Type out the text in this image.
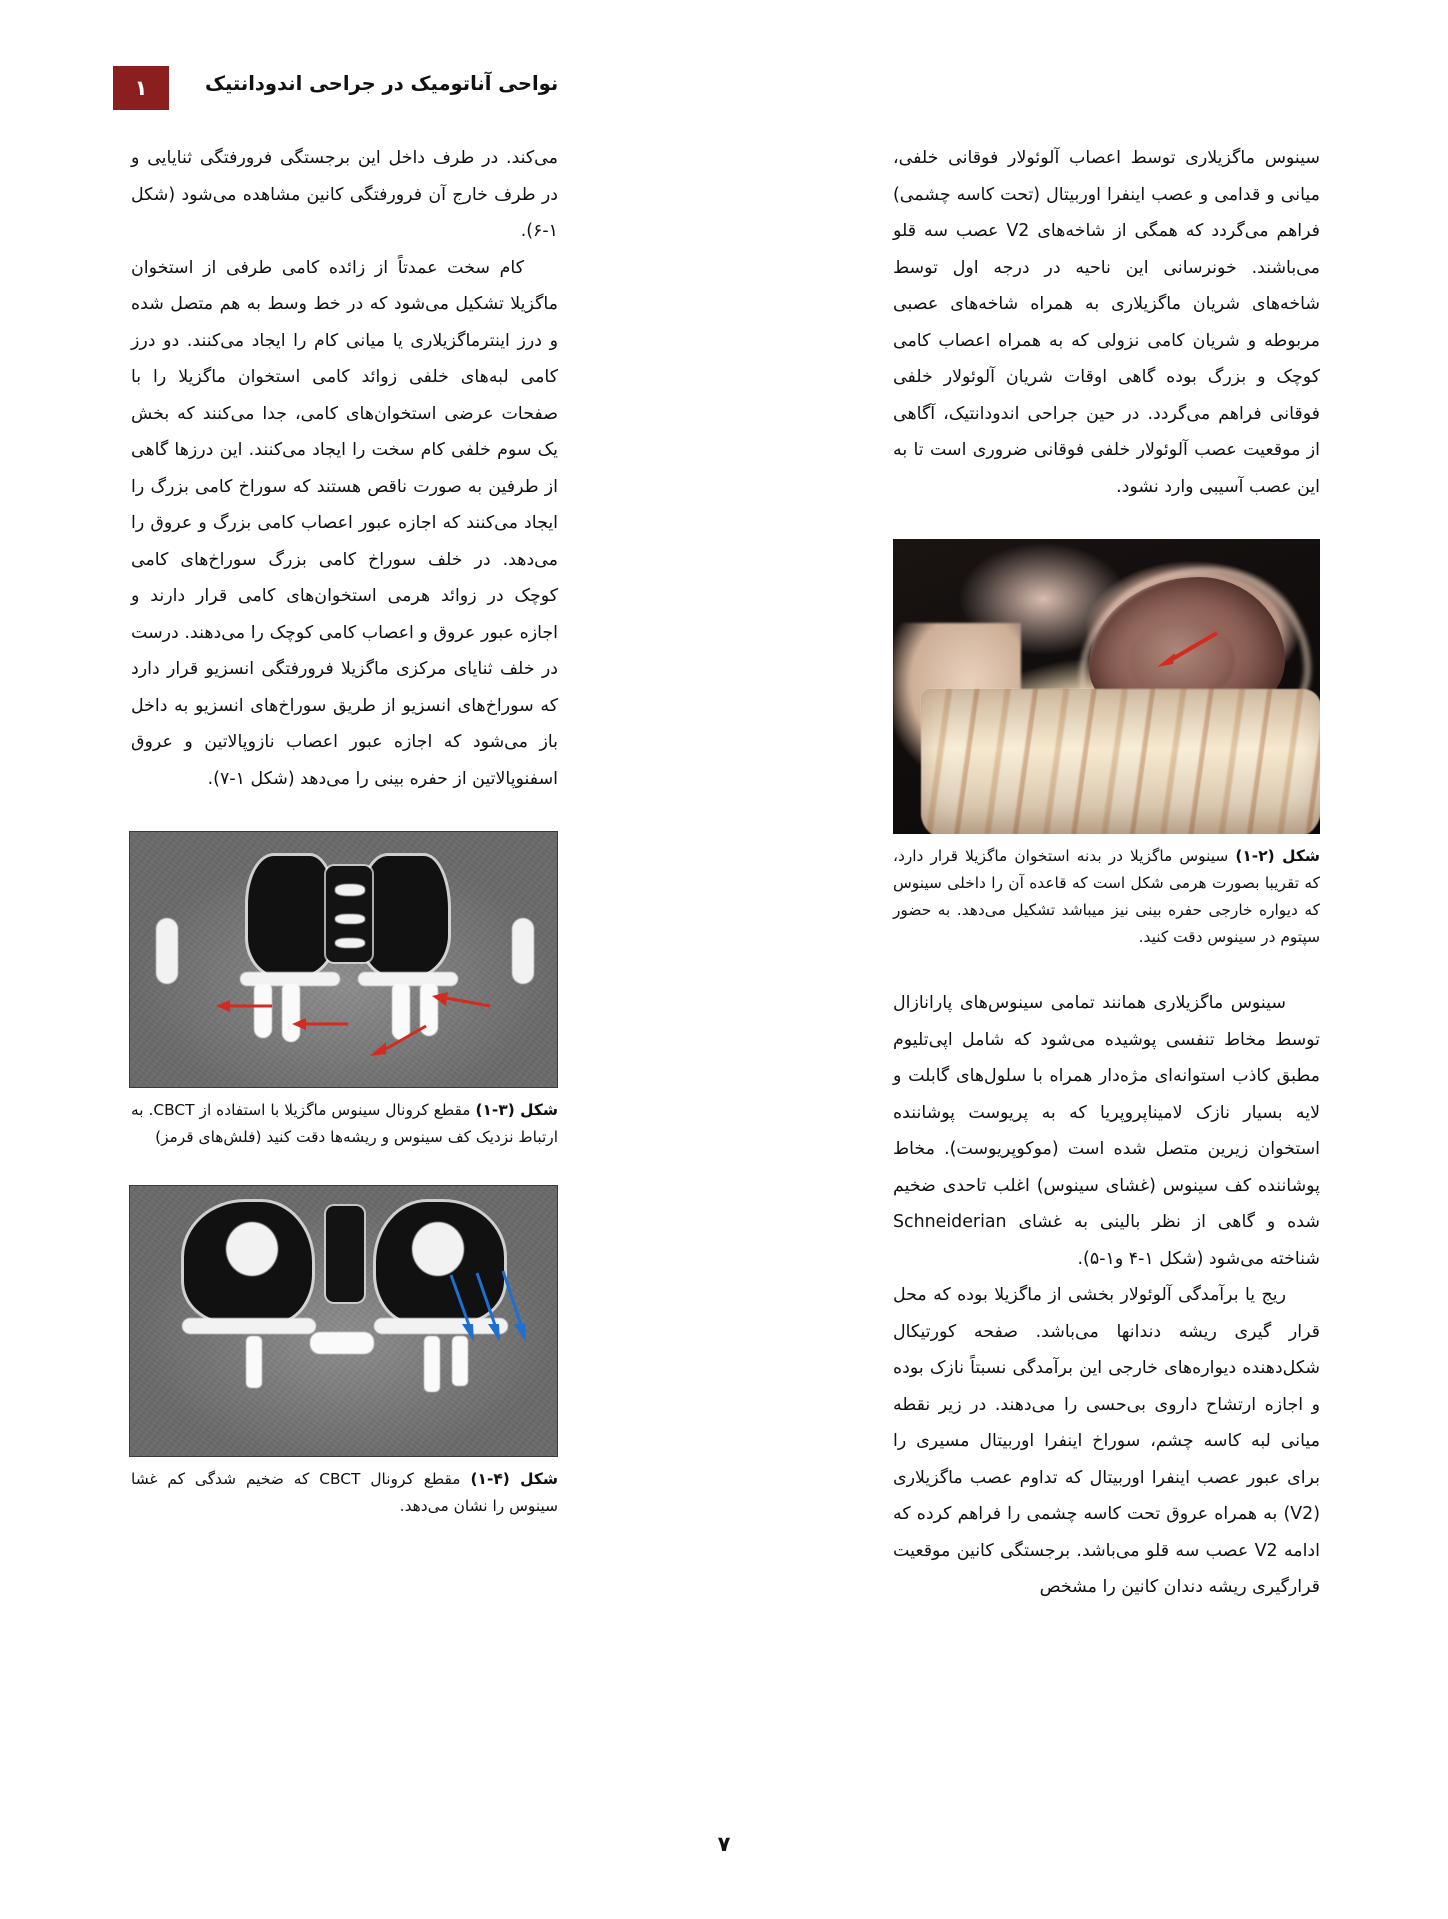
۱	نواحی آناتومیک در جراحی اندودانتیک

سینوس ماگزیلاری توسط اعصاب آلوئولار فوقانی خلفی، میانی و قدامی و عصب اینفرا اوربیتال (تحت کاسه چشمی) فراهم می‌گردد که همگی از شاخه‌های V2 عصب سه قلو می‌باشند. خونرسانی این ناحیه در درجه اول توسط شاخه‌های شریان ماگزیلاری به همراه شاخه‌های عصبی مربوطه و شریان کامی نزولی که به همراه اعصاب کامی کوچک و بزرگ بوده گاهی اوقات شریان آلوئولار خلفی فوقانی فراهم می‌گردد. در حین جراحی اندودانتیک، آگاهی از موقعیت عصب آلوئولار خلفی فوقانی ضروری است تا به این عصب آسیبی وارد نشود.

شکل (۲-۱) سینوس ماگزیلا در بدنه استخوان ماگزیلا قرار دارد، که تقریبا بصورت هرمی شکل است که قاعده آن را داخلی سینوس که دیواره خارجی حفره بینی نیز میباشد تشکیل می‌دهد. به حضور سپتوم در سینوس دقت کنید.

سینوس ماگزیلاری همانند تمامی سینوس‌های پارانازال توسط مخاط تنفسی پوشیده می‌شود که شامل اپی‌تلیوم مطبق کاذب استوانه‌ای مژه‌دار همراه با سلول‌های گابلت و لایه بسیار نازک لامیناپروپریا که به پریوست پوشاننده استخوان زیرین متصل شده است (موکوپریوست). مخاط پوشاننده کف سینوس (غشای سینوس) اغلب تاحدی ضخیم شده و گاهی از نظر بالینی به غشای Schneiderian شناخته می‌شود (شکل ۱-۴ و۱-۵).

ریج یا برآمدگی آلوئولار بخشی از ماگزیلا بوده که محل قرار گیری ریشه دندانها می‌باشد. صفحه کورتیکال شکل‌دهنده دیواره‌های خارجی این برآمدگی نسبتاً نازک بوده و اجازه ارتشاح داروی بی‌حسی را می‌دهند. در زیر نقطه میانی لبه کاسه چشم، سوراخ اینفرا اوربیتال مسیری را برای عبور عصب اینفرا اوربیتال که تداوم عصب ماگزیلاری (V2) به همراه عروق تحت کاسه چشمی را فراهم کرده که ادامه V2 عصب سه قلو می‌باشد. برجستگی کانین موقعیت قرارگیری ریشه دندان کانین را مشخص

می‌کند. در طرف داخل این برجستگی فرورفتگی ثنایایی و در طرف خارج آن فرورفتگی کانین مشاهده می‌شود (شکل ۱-۶).

کام سخت عمدتاً از زائده کامی طرفی از استخوان ماگزیلا تشکیل می‌شود که در خط وسط به هم متصل شده و درز اینترماگزیلاری یا میانی کام را ایجاد می‌کنند. دو درز کامی لبه‌های خلفی زوائد کامی استخوان ماگزیلا را با صفحات عرضی استخوان‌های کامی، جدا می‌کنند که بخش یک سوم خلفی کام سخت را ایجاد می‌کنند. این درزها گاهی از طرفین به صورت ناقص هستند که سوراخ کامی بزرگ را ایجاد می‌کنند که اجازه عبور اعصاب کامی بزرگ و عروق را می‌دهد. در خلف سوراخ کامی بزرگ سوراخ‌های کامی کوچک در زوائد هرمی استخوان‌های کامی قرار دارند و اجازه عبور عروق و اعصاب کامی کوچک را می‌دهند. درست در خلف ثنایای مرکزی ماگزیلا فرورفتگی انسزیو قرار دارد که سوراخ‌های انسزیو از طریق سوراخ‌های انسزیو به داخل باز می‌شود که اجازه عبور اعصاب نازوپالاتین و عروق اسفنوپالاتین از حفره بینی را می‌دهد (شکل ۱-۷).

شکل (۳-۱) مقطع کرونال سینوس ماگزیلا با استفاده از CBCT. به ارتباط نزدیک کف سینوس و ریشه‌ها دقت کنید (فلش‌های قرمز)
شکل (۴-۱) مقطع کرونال CBCT که ضخیم شدگی کم غشا سینوس را نشان می‌دهد.
۷
